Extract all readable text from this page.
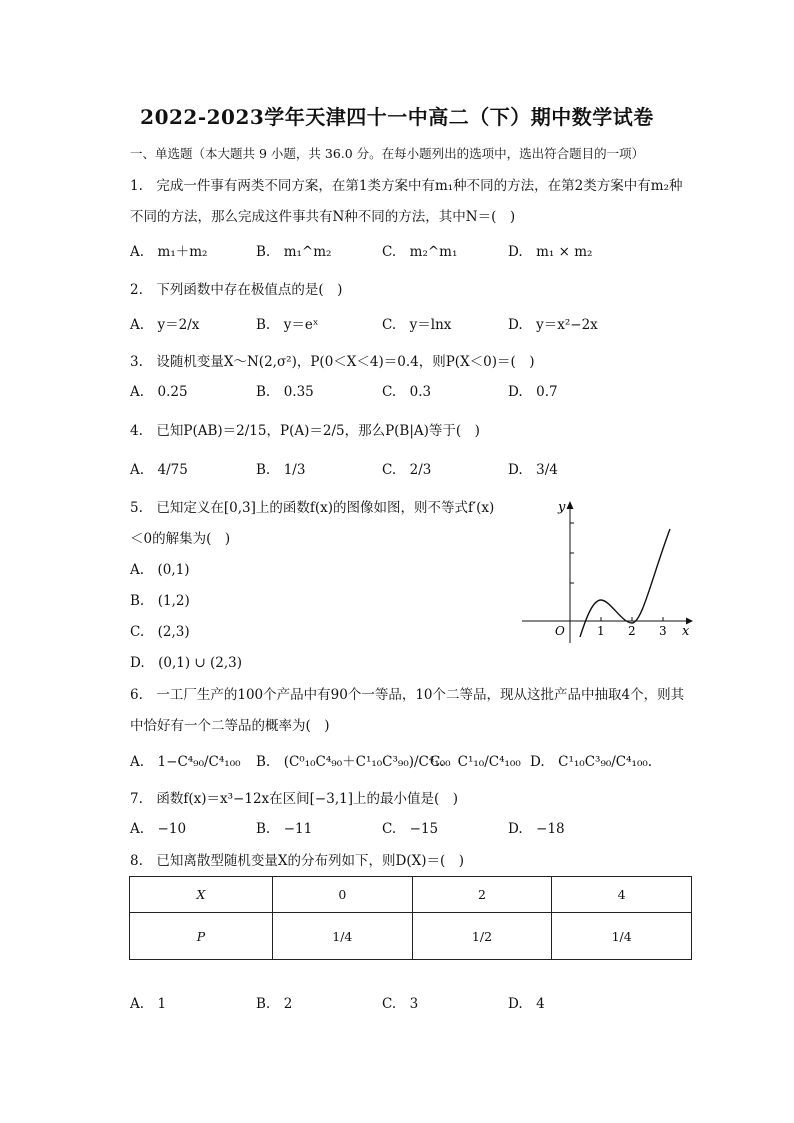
2022-2023学年天津四十一中高二（下）期中数学试卷
一、单选题（本大题共 9 小题，共 36.0 分。在每小题列出的选项中，选出符合题目的一项）
1.　完成一件事有两类不同方案，在第1类方案中有m₁种不同的方法，在第2类方案中有m₂种
不同的方法，那么完成这件事共有N种不同的方法，其中N＝(　)
A.　m₁＋m₂	B.　m₁^m₂	C.　m₂^m₁	D.　m₁ × m₂
2.　下列函数中存在极值点的是(　)
A.　y＝2/x	B.　y＝eˣ	C.　y＝lnx	D.　y＝x²−2x
3.　设随机变量X～N(2,σ²)，P(0＜X＜4)＝0.4，则P(X＜0)＝(　)
A.　0.25	B.　0.35	C.　0.3	D.　0.7
4.　已知P(AB)＝2/15，P(A)＝2/5，那么P(B|A)等于(　)
A.　4/75	B.　1/3	C.　2/3	D.　3/4
5.　已知定义在[0,3]上的函数f(x)的图像如图，则不等式f′(x)
＜0的解集为(　)
A.　(0,1)
B.　(1,2)
C.　(2,3)
D.　(0,1) ∪ (2,3)
y
x
O	1 2 3
6.　一工厂生产的100个产品中有90个一等品，10个二等品，现从这批产品中抽取4个，则其
中恰好有一个二等品的概率为(　)
A.　1−C⁴₉₀/C⁴₁₀₀ B.　(C⁰₁₀C⁴₉₀＋C¹₁₀C³₉₀)/C⁴₁₀₀
C.　C¹₁₀/C⁴₁₀₀ D.　C¹₁₀C³₉₀/C⁴₁₀₀.
7.　函数f(x)＝x³−12x在区间[−3,1]上的最小值是(　)
A.　−10	B.　−11	C.　−15	D.　−18
8.　已知离散型随机变量X的分布列如下，则D(X)＝(　)
X	0	2	4
P	1/4	1/2	1/4
A.　1	B.　2	C.　3	D.　4
